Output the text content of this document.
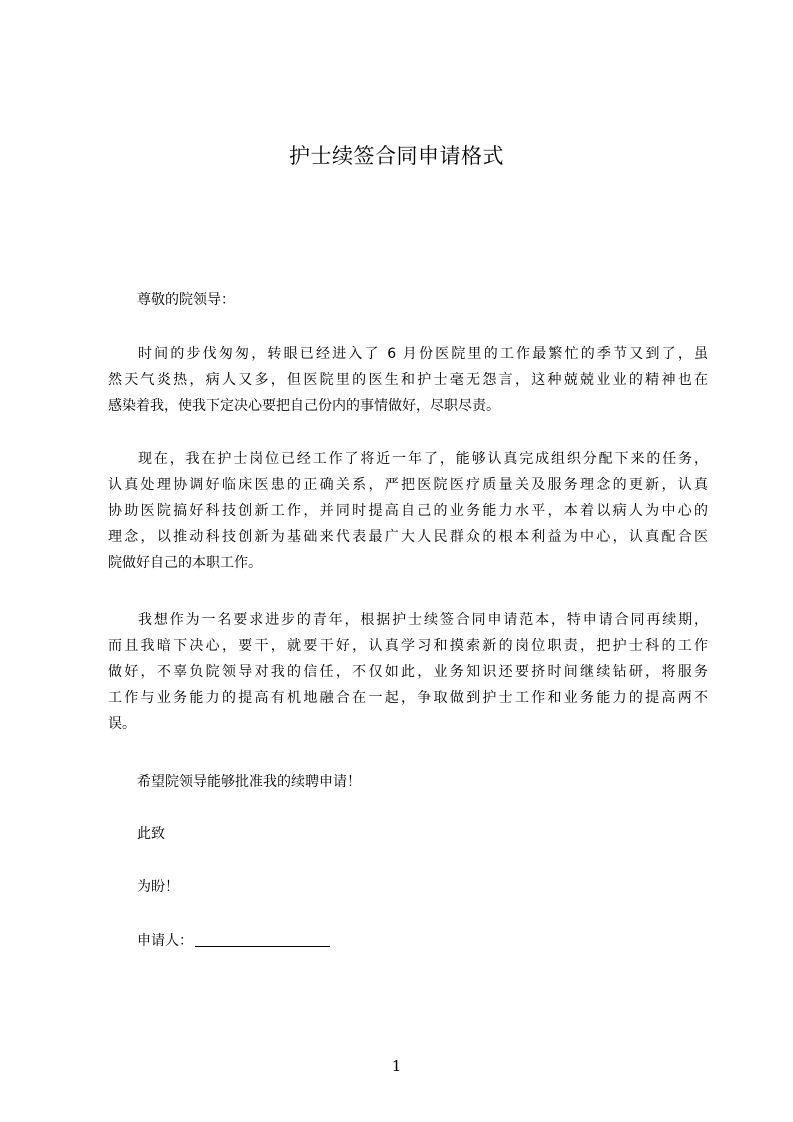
护士续签合同申请格式
尊敬的院领导：
时间的步伐匆匆，转眼已经进入了 6 月份医院里的工作最繁忙的季节又到了，虽
然天气炎热，病人又多，但医院里的医生和护士毫无怨言，这种兢兢业业的精神也在
感染着我，使我下定决心要把自己份内的事情做好，尽职尽责。
现在，我在护士岗位已经工作了将近一年了，能够认真完成组织分配下来的任务，
认真处理协调好临床医患的正确关系，严把医院医疗质量关及服务理念的更新，认真
协助医院搞好科技创新工作，并同时提高自己的业务能力水平，本着以病人为中心的
理念，以推动科技创新为基础来代表最广大人民群众的根本利益为中心，认真配合医
院做好自己的本职工作。
我想作为一名要求进步的青年，根据护士续签合同申请范本，特申请合同再续期，
而且我暗下决心，要干，就要干好，认真学习和摸索新的岗位职责，把护士科的工作
做好，不辜负院领导对我的信任，不仅如此，业务知识还要挤时间继续钻研，将服务
工作与业务能力的提高有机地融合在一起，争取做到护士工作和业务能力的提高两不
误。
希望院领导能够批准我的续聘申请！
此致
为盼！
申请人：
1
